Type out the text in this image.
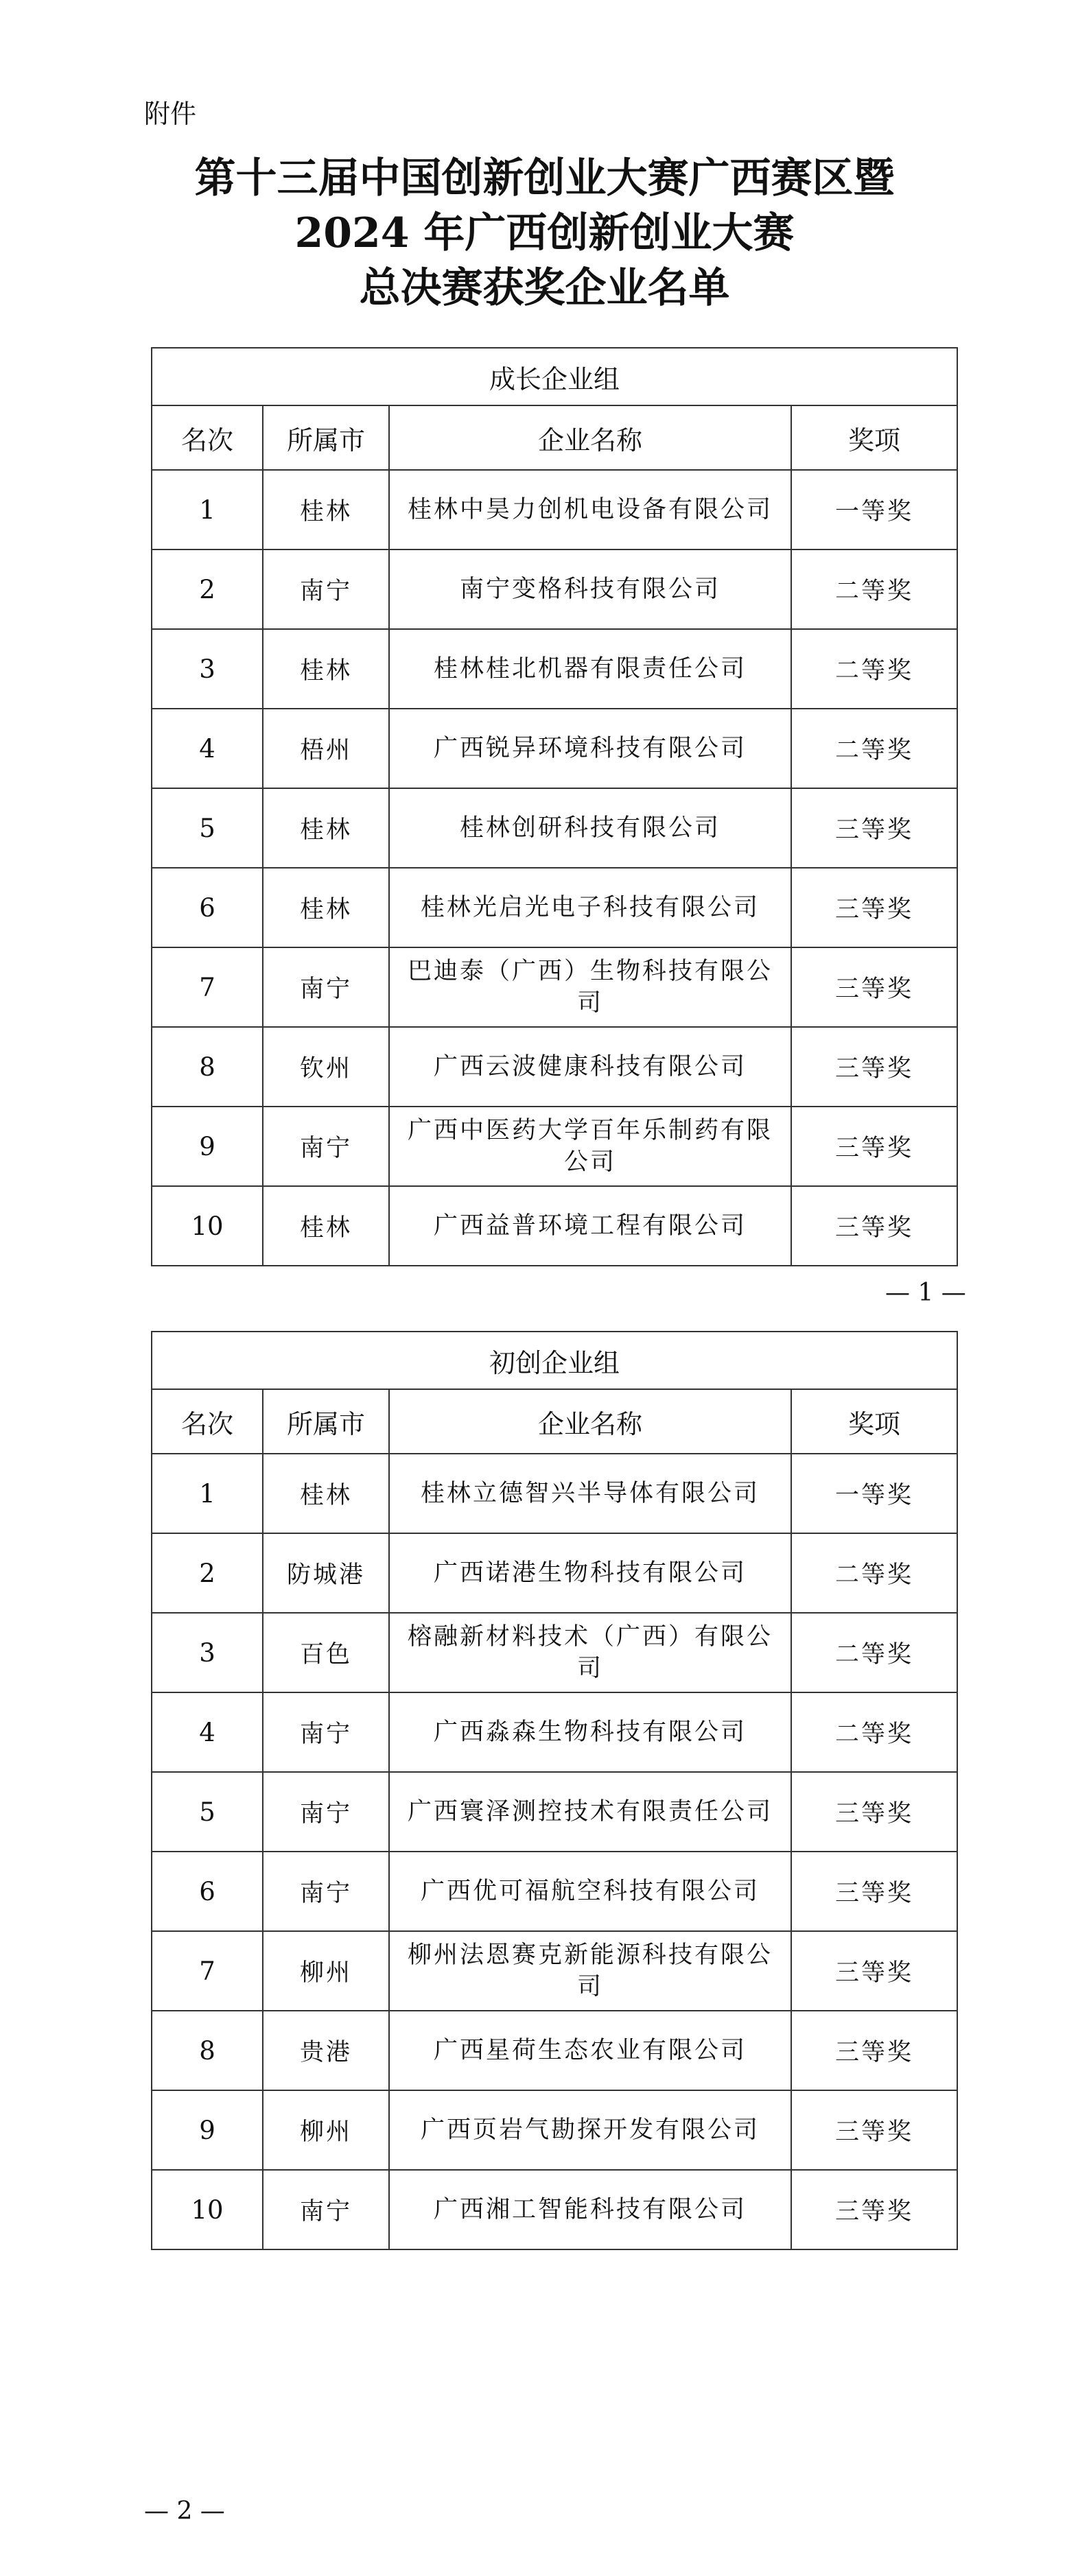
附件
第十三届中国创新创业大赛广西赛区暨
2024 年广西创新创业大赛
总决赛获奖企业名单
成长企业组			
名次	所属市	企业名称	奖项
1	桂林	桂林中昊力创机电设备有限公司	一等奖
2	南宁	南宁变格科技有限公司	二等奖
3	桂林	桂林桂北机器有限责任公司	二等奖
4	梧州	广西锐异环境科技有限公司	二等奖
5	桂林	桂林创研科技有限公司	三等奖
6	桂林	桂林光启光电子科技有限公司	三等奖
7	南宁	巴迪泰（广西）生物科技有限公司	三等奖
8	钦州	广西云波健康科技有限公司	三等奖
9	南宁	广西中医药大学百年乐制药有限公司	三等奖
10	桂林	广西益普环境工程有限公司	三等奖
— 1 —
初创企业组			
名次	所属市	企业名称	奖项
1	桂林	桂林立德智兴半导体有限公司	一等奖
2	防城港	广西诺港生物科技有限公司	二等奖
3	百色	榕融新材料技术（广西）有限公司	二等奖
4	南宁	广西淼森生物科技有限公司	二等奖
5	南宁	广西寰泽测控技术有限责任公司	三等奖
6	南宁	广西优可福航空科技有限公司	三等奖
7	柳州	柳州法恩赛克新能源科技有限公司	三等奖
8	贵港	广西星荷生态农业有限公司	三等奖
9	柳州	广西页岩气勘探开发有限公司	三等奖
10	南宁	广西湘工智能科技有限公司	三等奖
— 2 —
